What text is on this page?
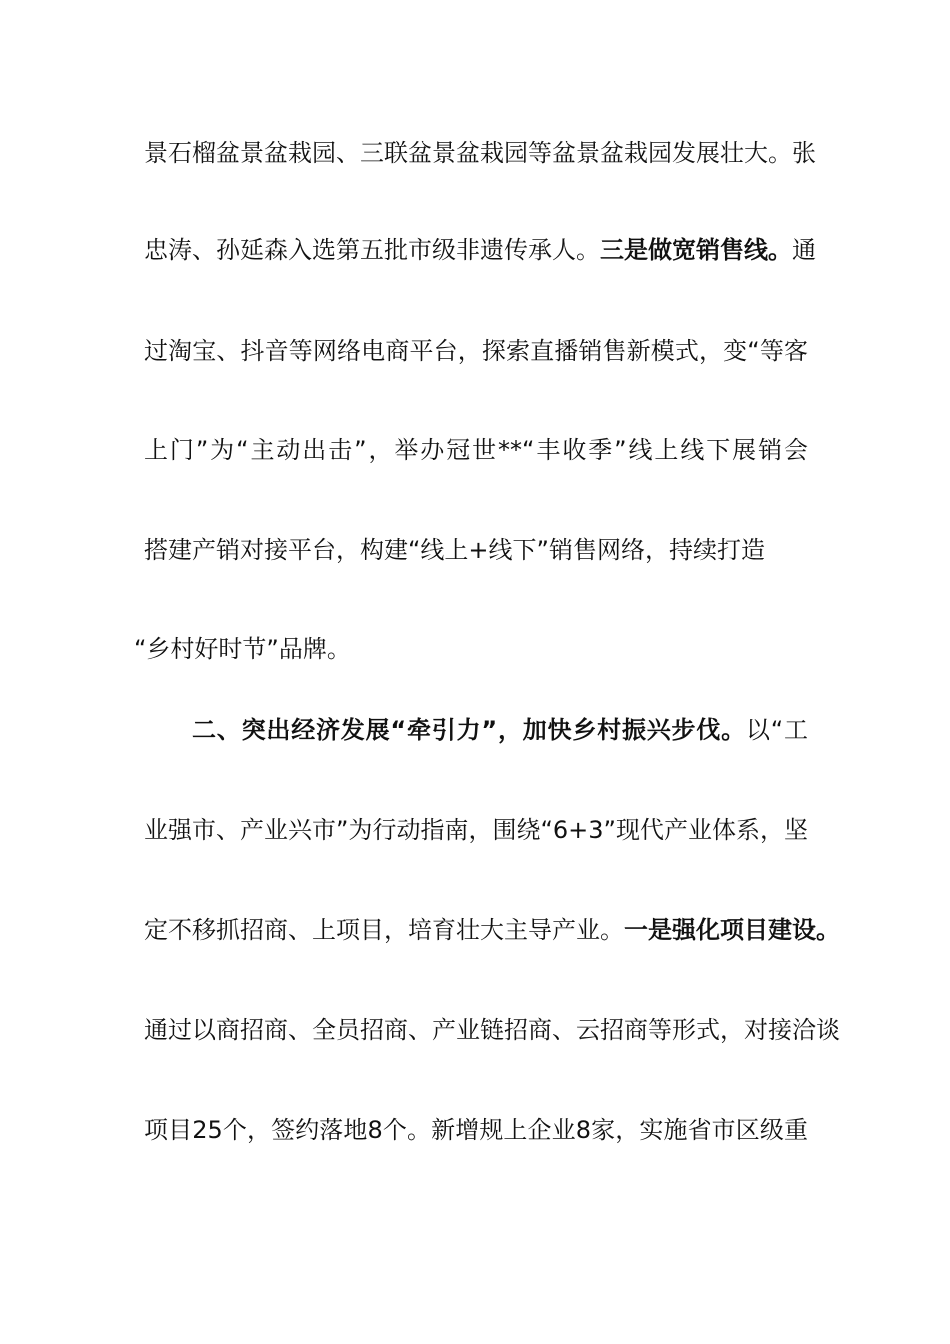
景石榴盆景盆栽园、三联盆景盆栽园等盆景盆栽园发展壮大。张
忠涛、孙延森入选第五批市级非遗传承人。三是做宽销售线。通
过淘宝、抖音等网络电商平台，探索直播销售新模式，变“等客
上门”为“主动出击”，举办冠世**“丰收季”线上线下展销会
搭建产销对接平台，构建“线上+线下”销售网络，持续打造
“乡村好时节”品牌。
二、突出经济发展“牵引力”，加快乡村振兴步伐。以“工
业强市、产业兴市”为行动指南，围绕“6+3”现代产业体系，坚
定不移抓招商、上项目，培育壮大主导产业。一是强化项目建设。
通过以商招商、全员招商、产业链招商、云招商等形式，对接洽谈
项目25个，签约落地8个。新增规上企业8家，实施省市区级重
